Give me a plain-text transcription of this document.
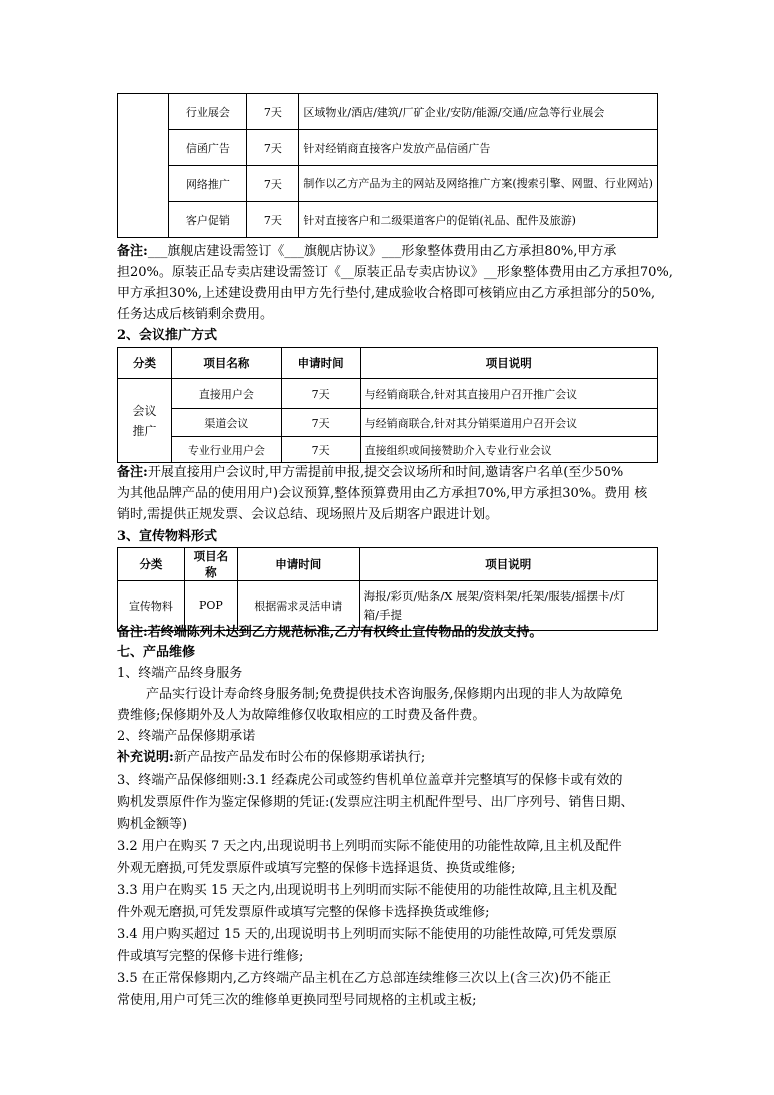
	行业展会	7天	区域物业/酒店/建筑/厂矿企业/安防/能源/交通/应急等行业展会
	信函广告	7天	针对经销商直接客户发放产品信函广告
	网络推广	7天	制作以乙方产品为主的网站及网络推广方案(搜索引擎、网盟、行业网站)

	客户促销	7天	针对直接客户和二级渠道客户的促销(礼品、配件及旅游)
备注:___旗舰店建设需签订《___旗舰店协议》___形象整体费用由乙方承担80%,甲方承
担20%。原装正品专卖店建设需签订《__原装正品专卖店协议》__形象整体费用由乙方承担70%,
甲方承担30%,上述建设费用由甲方先行垫付,建成验收合格即可核销应由乙方承担部分的50%,
任务达成后核销剩余费用。
2、会议推广方式
分类	项目名称	申请时间	项目说明
会议推广	直接用户会	7天	与经销商联合,针对其直接用户召开推广会议
	渠道会议	7天	与经销商联合,针对其分销渠道用户召开会议
	专业行业用户会	7天	直接组织或间接赞助介入专业行业会议
备注:开展直接用户会议时,甲方需提前申报,提交会议场所和时间,邀请客户名单(至少50%
为其他品牌产品的使用用户)会议预算,整体预算费用由乙方承担70%,甲方承担30%。费用 核
销时,需提供正规发票、会议总结、现场照片及后期客户跟进计划。
3、宣传物料形式
分类	项目名称	申请时间	项目说明
宣传物料	POP	根据需求灵活申请	海报/彩页/贴条/X 展架/资料架/托架/服装/摇摆卡/灯
箱/手提
备注:若终端陈列未达到乙方规范标准,乙方有权终止宣传物品的发放支持。
七、产品维修
1、终端产品终身服务
产品实行设计寿命终身服务制;免费提供技术咨询服务,保修期内出现的非人为故障免
费维修;保修期外及人为故障维修仅收取相应的工时费及备件费。
2、终端产品保修期承诺
补充说明:新产品按产品发布时公布的保修期承诺执行;
3、终端产品保修细则:3.1 经森虎公司或签约售机单位盖章并完整填写的保修卡或有效的
购机发票原件作为鉴定保修期的凭证:(发票应注明主机配件型号、出厂序列号、销售日期、
购机金额等)
3.2 用户在购买 7 天之内,出现说明书上列明而实际不能使用的功能性故障,且主机及配件
外观无磨损,可凭发票原件或填写完整的保修卡选择退货、换货或维修;
3.3 用户在购买 15 天之内,出现说明书上列明而实际不能使用的功能性故障,且主机及配
件外观无磨损,可凭发票原件或填写完整的保修卡选择换货或维修;
3.4 用户购买超过 15 天的,出现说明书上列明而实际不能使用的功能性故障,可凭发票原
件或填写完整的保修卡进行维修;
3.5 在正常保修期内,乙方终端产品主机在乙方总部连续维修三次以上(含三次)仍不能正
常使用,用户可凭三次的维修单更换同型号同规格的主机或主板;
